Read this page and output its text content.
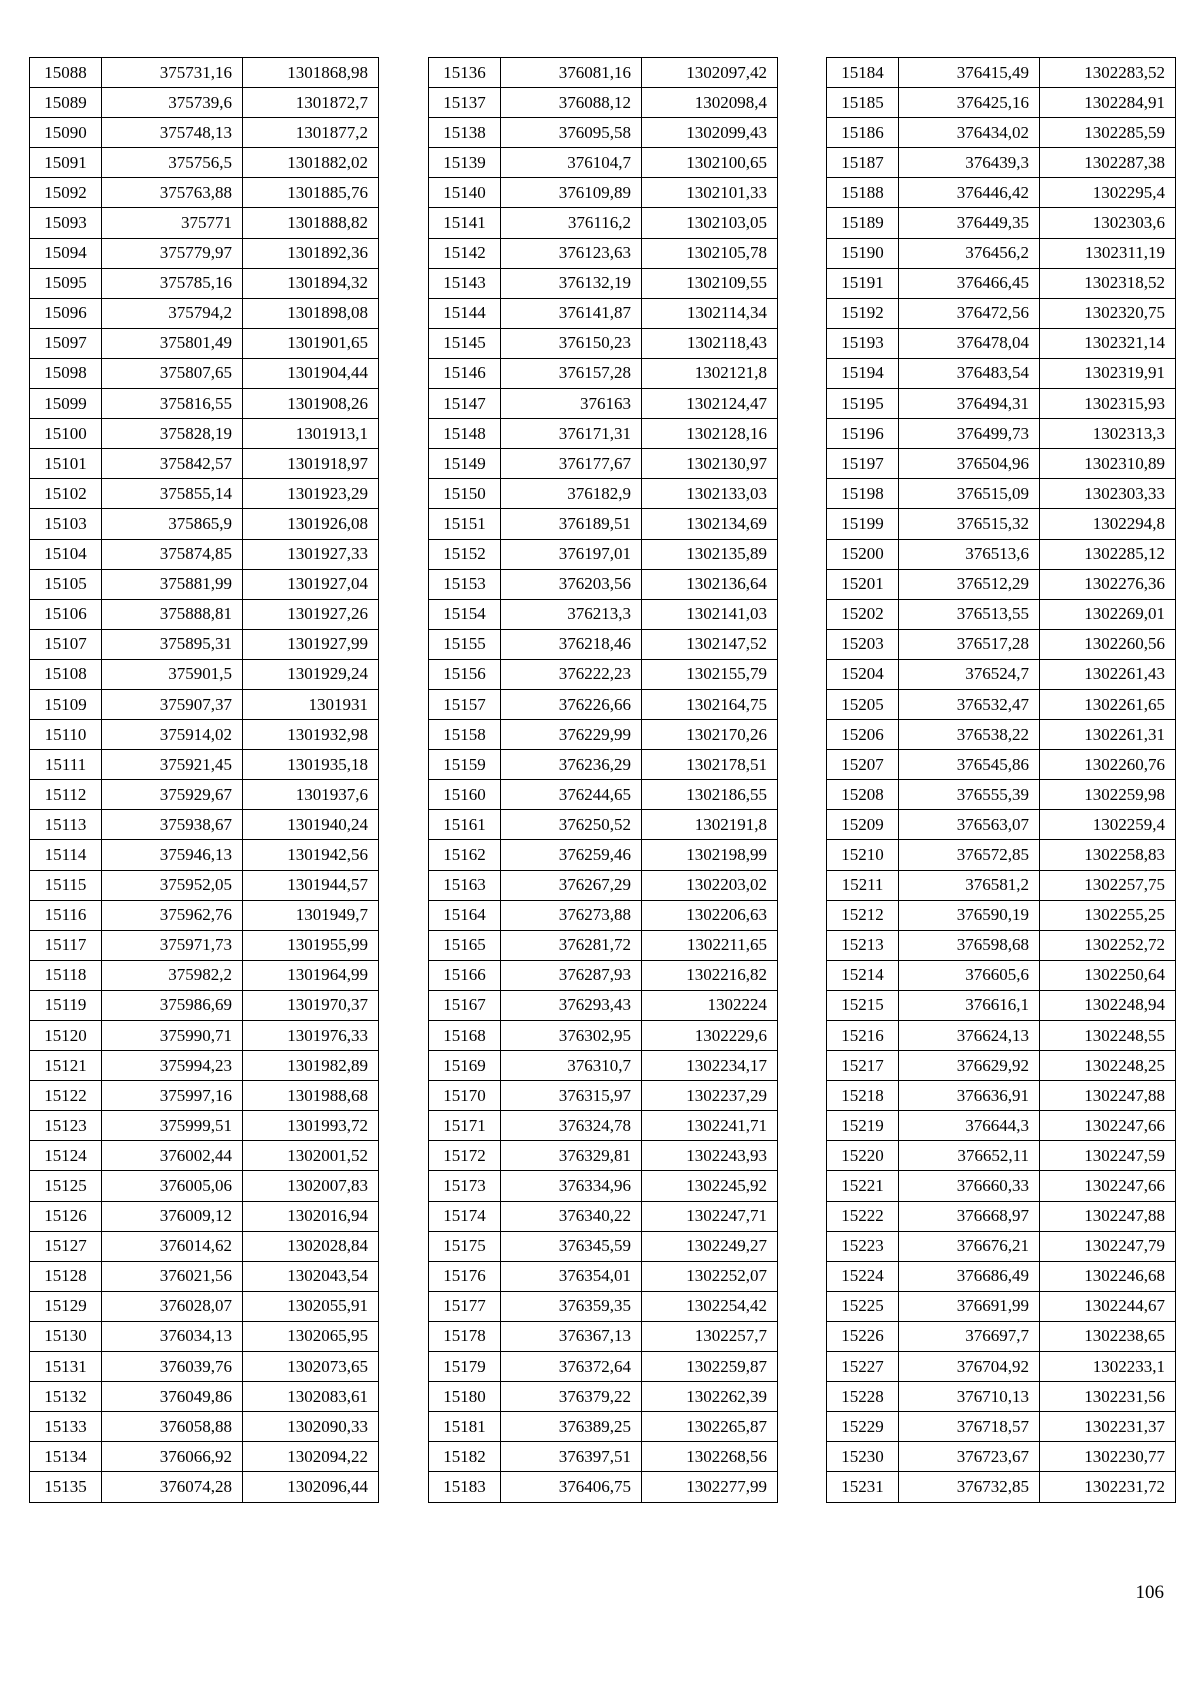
15088	375731,16	1301868,98
15089	375739,6	1301872,7
15090	375748,13	1301877,2
15091	375756,5	1301882,02
15092	375763,88	1301885,76
15093	375771	1301888,82
15094	375779,97	1301892,36
15095	375785,16	1301894,32
15096	375794,2	1301898,08
15097	375801,49	1301901,65
15098	375807,65	1301904,44
15099	375816,55	1301908,26
15100	375828,19	1301913,1
15101	375842,57	1301918,97
15102	375855,14	1301923,29
15103	375865,9	1301926,08
15104	375874,85	1301927,33
15105	375881,99	1301927,04
15106	375888,81	1301927,26
15107	375895,31	1301927,99
15108	375901,5	1301929,24
15109	375907,37	1301931
15110	375914,02	1301932,98
15111	375921,45	1301935,18
15112	375929,67	1301937,6
15113	375938,67	1301940,24
15114	375946,13	1301942,56
15115	375952,05	1301944,57
15116	375962,76	1301949,7
15117	375971,73	1301955,99
15118	375982,2	1301964,99
15119	375986,69	1301970,37
15120	375990,71	1301976,33
15121	375994,23	1301982,89
15122	375997,16	1301988,68
15123	375999,51	1301993,72
15124	376002,44	1302001,52
15125	376005,06	1302007,83
15126	376009,12	1302016,94
15127	376014,62	1302028,84
15128	376021,56	1302043,54
15129	376028,07	1302055,91
15130	376034,13	1302065,95
15131	376039,76	1302073,65
15132	376049,86	1302083,61
15133	376058,88	1302090,33
15134	376066,92	1302094,22
15135	376074,28	1302096,44
15136	376081,16	1302097,42
15137	376088,12	1302098,4
15138	376095,58	1302099,43
15139	376104,7	1302100,65
15140	376109,89	1302101,33
15141	376116,2	1302103,05
15142	376123,63	1302105,78
15143	376132,19	1302109,55
15144	376141,87	1302114,34
15145	376150,23	1302118,43
15146	376157,28	1302121,8
15147	376163	1302124,47
15148	376171,31	1302128,16
15149	376177,67	1302130,97
15150	376182,9	1302133,03
15151	376189,51	1302134,69
15152	376197,01	1302135,89
15153	376203,56	1302136,64
15154	376213,3	1302141,03
15155	376218,46	1302147,52
15156	376222,23	1302155,79
15157	376226,66	1302164,75
15158	376229,99	1302170,26
15159	376236,29	1302178,51
15160	376244,65	1302186,55
15161	376250,52	1302191,8
15162	376259,46	1302198,99
15163	376267,29	1302203,02
15164	376273,88	1302206,63
15165	376281,72	1302211,65
15166	376287,93	1302216,82
15167	376293,43	1302224
15168	376302,95	1302229,6
15169	376310,7	1302234,17
15170	376315,97	1302237,29
15171	376324,78	1302241,71
15172	376329,81	1302243,93
15173	376334,96	1302245,92
15174	376340,22	1302247,71
15175	376345,59	1302249,27
15176	376354,01	1302252,07
15177	376359,35	1302254,42
15178	376367,13	1302257,7
15179	376372,64	1302259,87
15180	376379,22	1302262,39
15181	376389,25	1302265,87
15182	376397,51	1302268,56
15183	376406,75	1302277,99
15184	376415,49	1302283,52
15185	376425,16	1302284,91
15186	376434,02	1302285,59
15187	376439,3	1302287,38
15188	376446,42	1302295,4
15189	376449,35	1302303,6
15190	376456,2	1302311,19
15191	376466,45	1302318,52
15192	376472,56	1302320,75
15193	376478,04	1302321,14
15194	376483,54	1302319,91
15195	376494,31	1302315,93
15196	376499,73	1302313,3
15197	376504,96	1302310,89
15198	376515,09	1302303,33
15199	376515,32	1302294,8
15200	376513,6	1302285,12
15201	376512,29	1302276,36
15202	376513,55	1302269,01
15203	376517,28	1302260,56
15204	376524,7	1302261,43
15205	376532,47	1302261,65
15206	376538,22	1302261,31
15207	376545,86	1302260,76
15208	376555,39	1302259,98
15209	376563,07	1302259,4
15210	376572,85	1302258,83
15211	376581,2	1302257,75
15212	376590,19	1302255,25
15213	376598,68	1302252,72
15214	376605,6	1302250,64
15215	376616,1	1302248,94
15216	376624,13	1302248,55
15217	376629,92	1302248,25
15218	376636,91	1302247,88
15219	376644,3	1302247,66
15220	376652,11	1302247,59
15221	376660,33	1302247,66
15222	376668,97	1302247,88
15223	376676,21	1302247,79
15224	376686,49	1302246,68
15225	376691,99	1302244,67
15226	376697,7	1302238,65
15227	376704,92	1302233,1
15228	376710,13	1302231,56
15229	376718,57	1302231,37
15230	376723,67	1302230,77
15231	376732,85	1302231,72
106
